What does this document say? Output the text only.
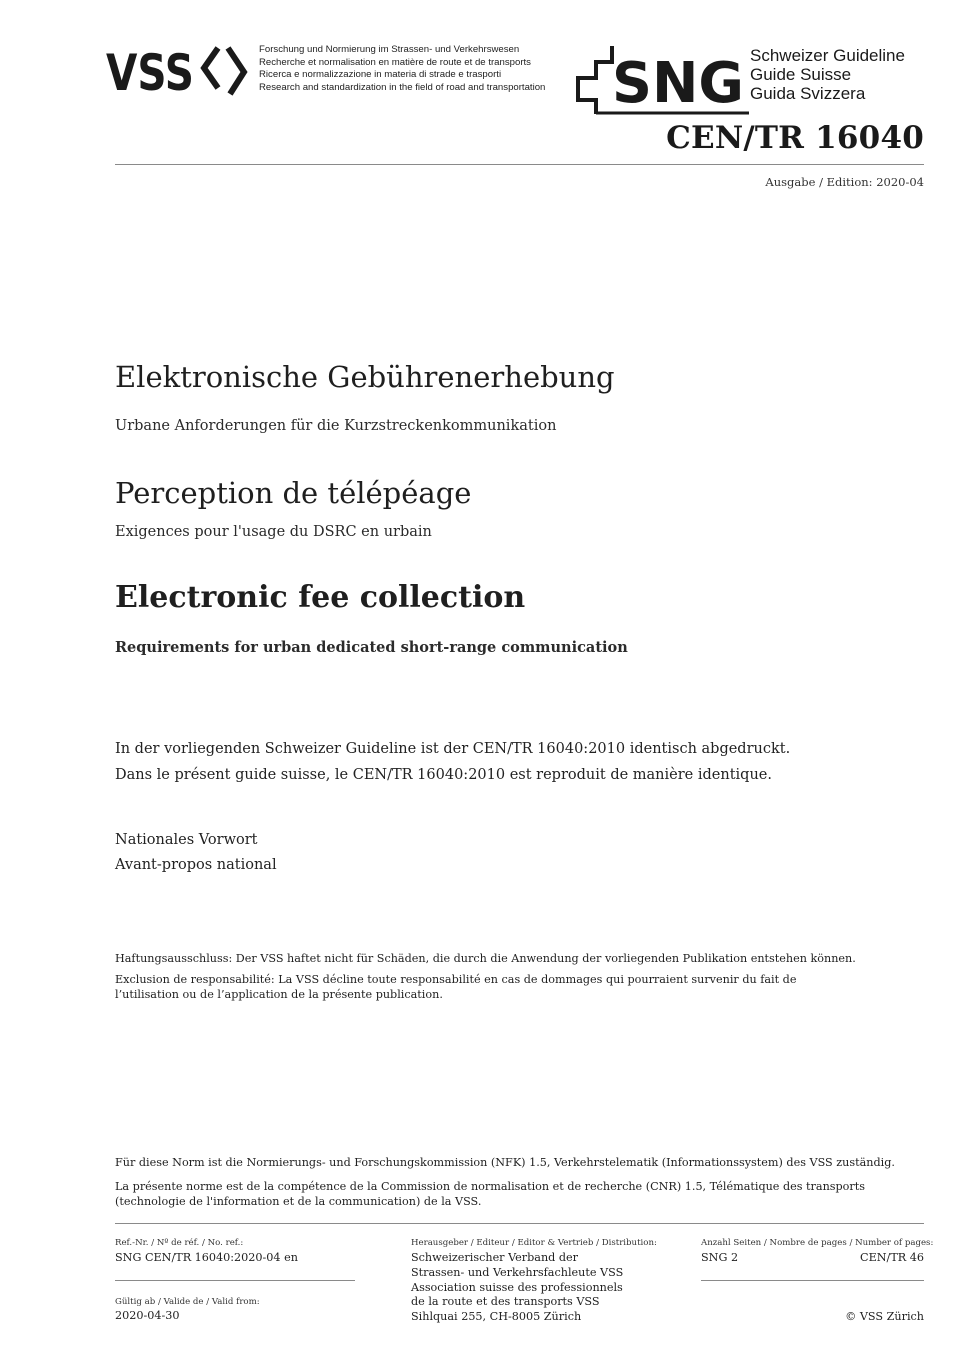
VSS	Forschung und Normierung im Strassen- und Verkehrswesen
Recherche et normalisation en matière de route et de transports
Ricerca e normalizzazione in materia di strade e trasporti
Research and standardization in the field of road and transportation SNG Schweizer Guideline
Guide Suisse
Guida Svizzera
CEN/TR 16040
Ausgabe / Edition: 2020-04
Elektronische Gebührenerhebung
Urbane Anforderungen für die Kurzstreckenkommunikation
Perception de télépéage
Exigences pour l'usage du DSRC en urbain
Electronic fee collection
Requirements for urban dedicated short-range communication
In der vorliegenden Schweizer Guideline ist der CEN/TR 16040:2010 identisch abgedruckt.
Dans le présent guide suisse, le CEN/TR 16040:2010 est reproduit de manière identique.
Nationales Vorwort
Avant-propos national
Haftungsausschluss: Der VSS haftet nicht für Schäden, die durch die Anwendung der vorliegenden Publikation entstehen können.
Exclusion de responsabilité: La VSS décline toute responsabilité en cas de dommages qui pourraient survenir du fait de l’utilisation ou de l’application de la présente publication.
Für diese Norm ist die Normierungs- und Forschungskommission (NFK) 1.5, Verkehrstelematik (Informationssystem) des VSS zuständig.
La présente norme est de la compétence de la Commission de normalisation et de recherche (CNR) 1.5, Télématique des transports (technologie de l'information et de la communication) de la VSS.
Ref.-Nr. / Nº de réf. / No. ref.:
SNG CEN/TR 16040:2020-04 en
Gültig ab / Valide de / Valid from:
2020-04-30
Herausgeber / Editeur / Editor & Vertrieb / Distribution:
Schweizerischer Verband der
Strassen- und Verkehrsfachleute VSS
Association suisse des professionnels
de la route et des transports VSS
Sihlquai 255, CH-8005 Zürich
Anzahl Seiten / Nombre de pages / Number of pages:
SNG 2	CEN/TR 46
© VSS Zürich
